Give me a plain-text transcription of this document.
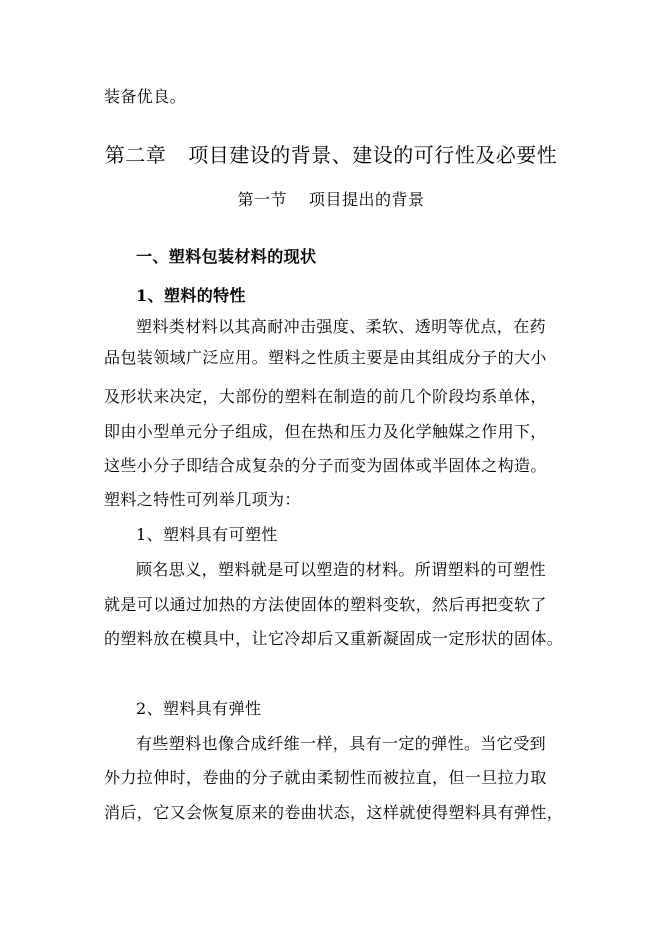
装备优良。
第二章 项目建设的背景、建设的可行性及必要性
第一节 项目提出的背景
一、塑料包装材料的现状
1、塑料的特性
塑料类材料以其高耐冲击强度、柔软、透明等优点，在药
品包装领域广泛应用。塑料之性质主要是由其组成分子的大小
及形状来决定，大部份的塑料在制造的前几个阶段均系单体，
即由小型单元分子组成，但在热和压力及化学触媒之作用下，
这些小分子即结合成复杂的分子而变为固体或半固体之构造。
塑料之特性可列举几项为：
1、塑料具有可塑性
顾名思义，塑料就是可以塑造的材料。所谓塑料的可塑性
就是可以通过加热的方法使固体的塑料变软，然后再把变软了
的塑料放在模具中，让它冷却后又重新凝固成一定形状的固体。
2、塑料具有弹性
有些塑料也像合成纤维一样，具有一定的弹性。当它受到
外力拉伸时，卷曲的分子就由柔韧性而被拉直，但一旦拉力取
消后，它又会恢复原来的卷曲状态，这样就使得塑料具有弹性，
